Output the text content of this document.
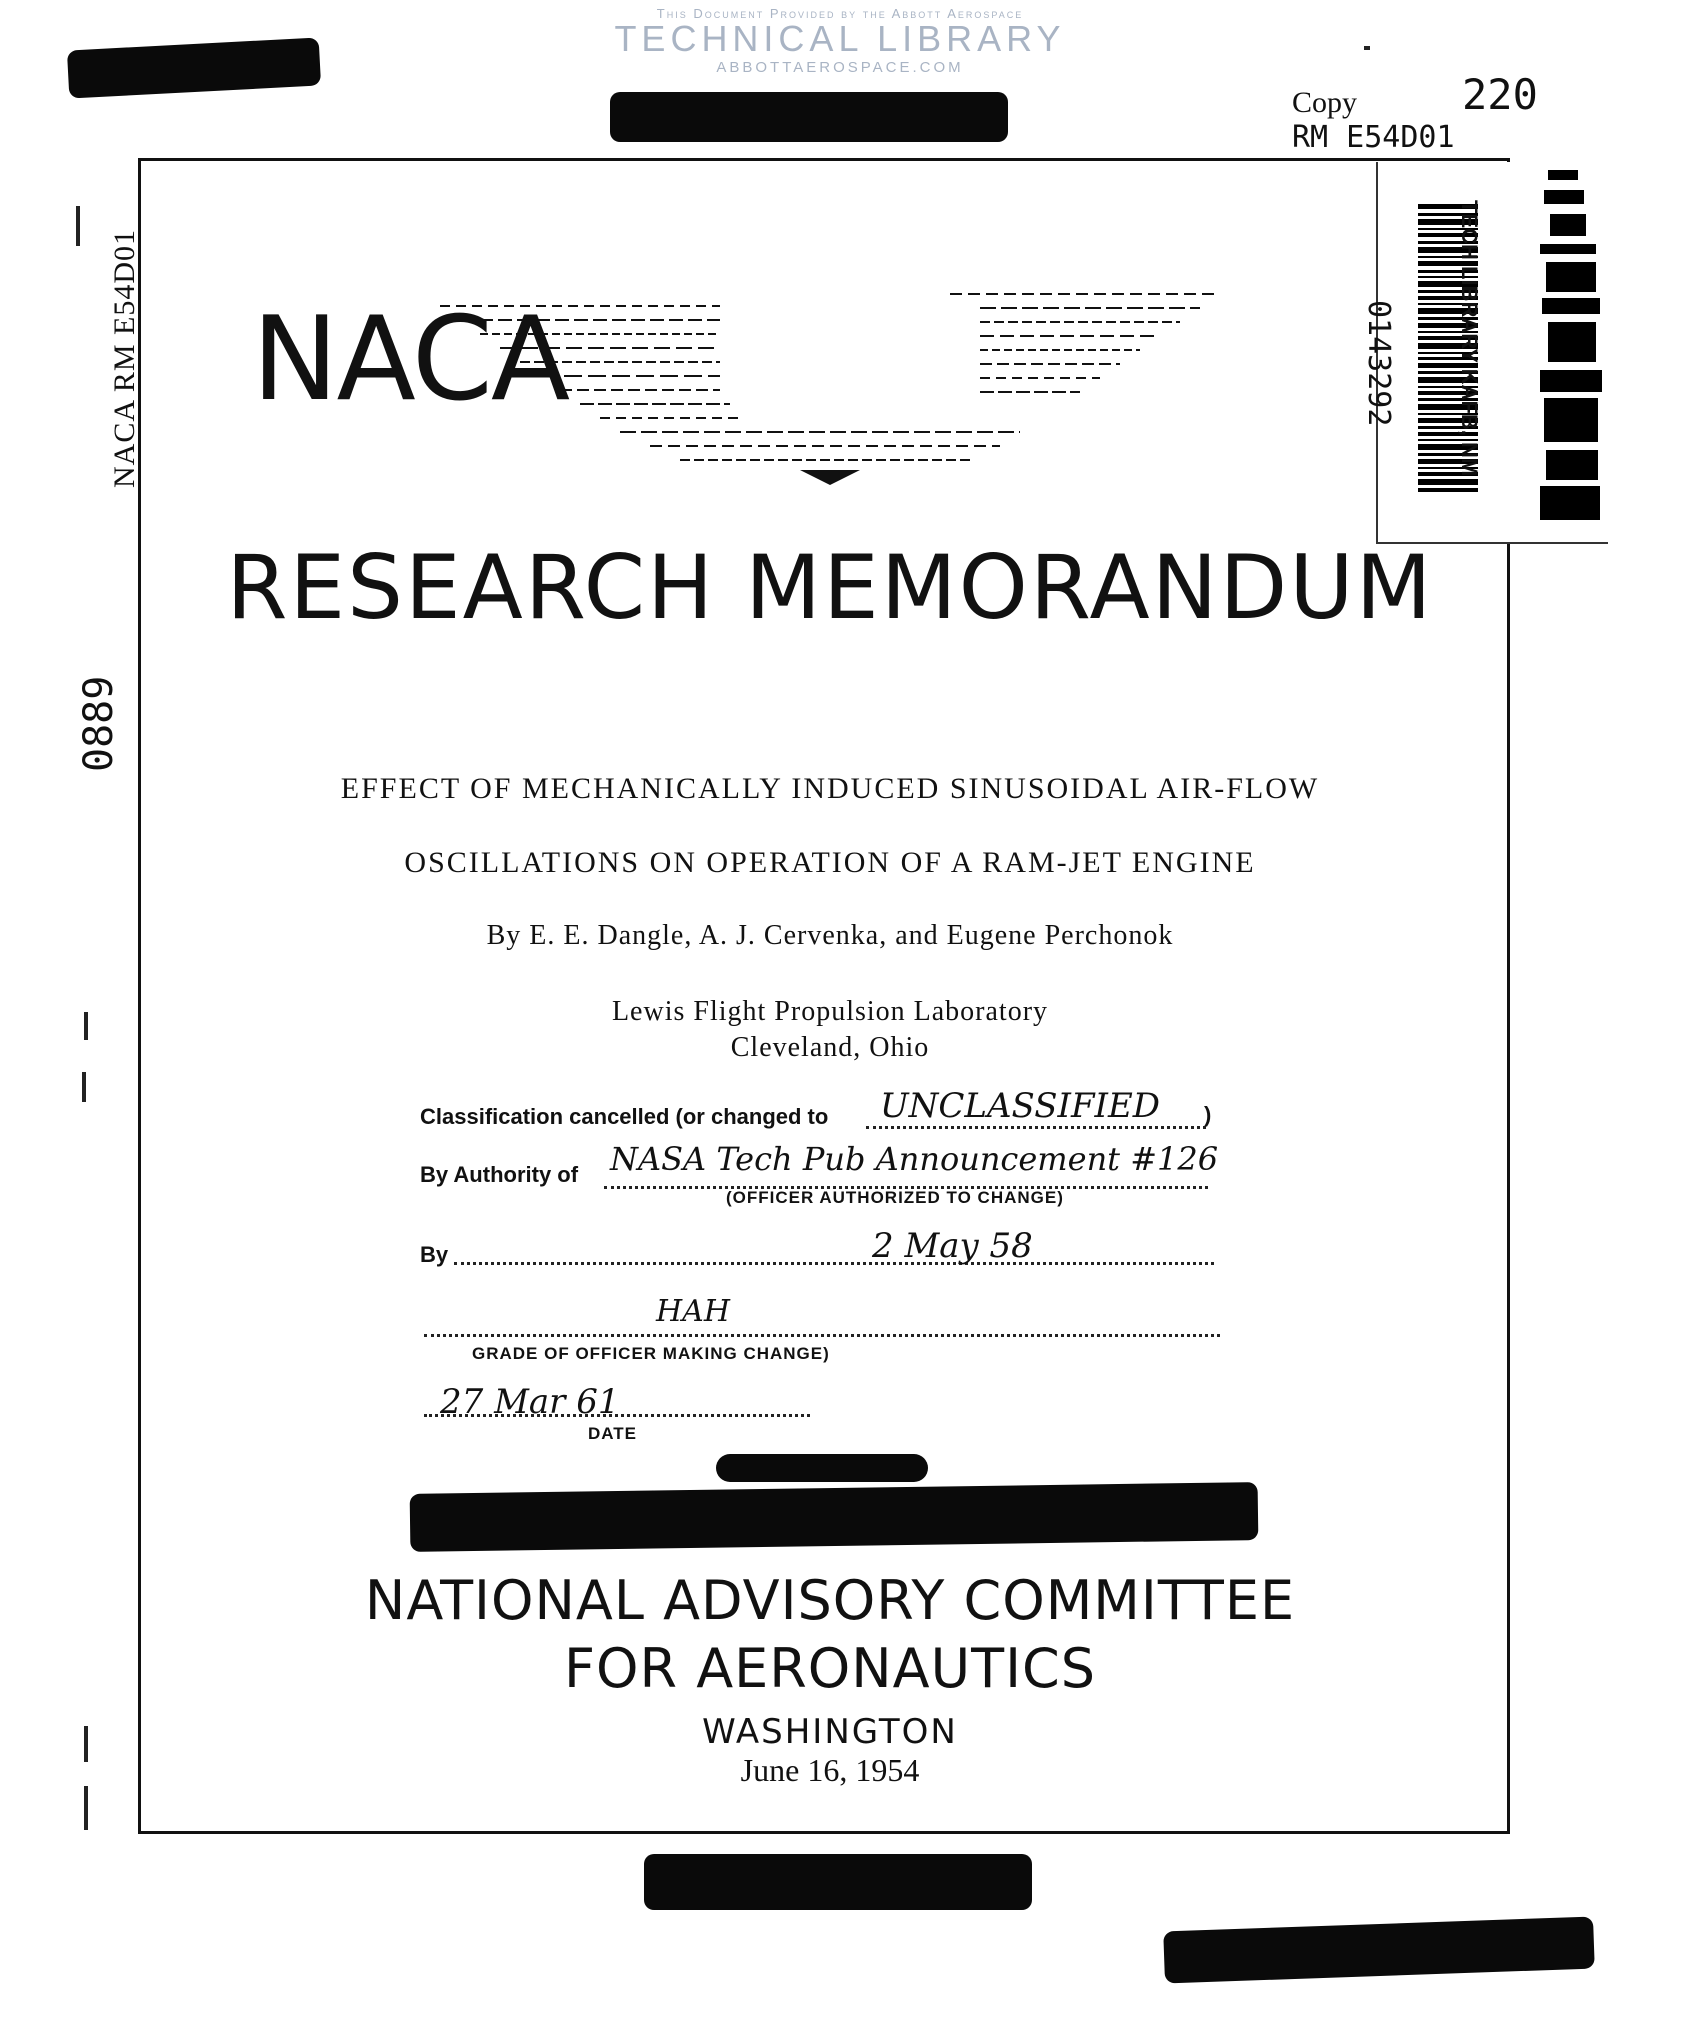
This Document Provided by the Abbott Aerospace
TECHNICAL LIBRARY
ABBOTTAEROSPACE.COM
Copy 220
RM E54D01
NACA RM E54D01
0889
0143292	TECH LIBRARY KAFB, NM
NACA
RESEARCH MEMORANDUM
EFFECT OF MECHANICALLY INDUCED SINUSOIDAL AIR-FLOW
OSCILLATIONS ON OPERATION OF A RAM-JET ENGINE
By E. E. Dangle, A. J. Cervenka, and Eugene Perchonok
Lewis Flight Propulsion Laboratory
Cleveland, Ohio
Classification cancelled (or changed to UNCLASSIFIED )
By Authority of NASA Tech Pub Announcement #126
(OFFICER AUTHORIZED TO CHANGE)
By	2 May 58
HAH
GRADE OF OFFICER MAKING CHANGE)
27 Mar 61
DATE
NATIONAL ADVISORY COMMITTEE
FOR AERONAUTICS
WASHINGTON
June 16, 1954
